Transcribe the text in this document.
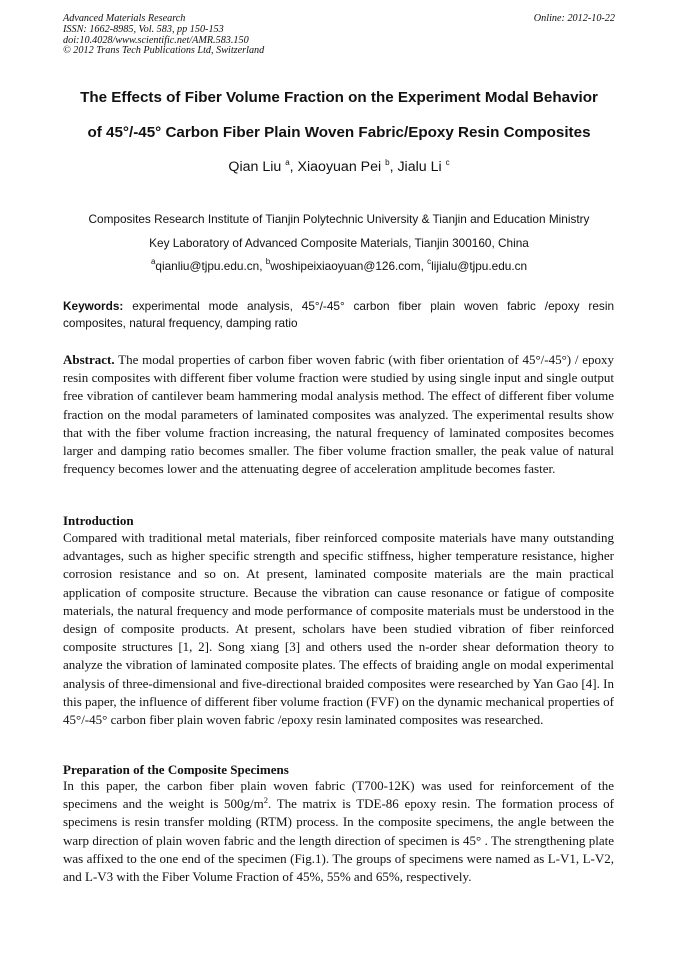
Advanced Materials Research
ISSN: 1662-8985, Vol. 583, pp 150-153
doi:10.4028/www.scientific.net/AMR.583.150
© 2012 Trans Tech Publications Ltd, Switzerland
Online: 2012-10-22
The Effects of Fiber Volume Fraction on the Experiment Modal Behavior
of 45°/-45° Carbon Fiber Plain Woven Fabric/Epoxy Resin Composites
Qian Liu $^a$, Xiaoyuan Pei $^b$, Jialu Li $^c$
Composites Research Institute of Tianjin Polytechnic University & Tianjin and Education Ministry
Key Laboratory of Advanced Composite Materials, Tianjin 300160, China
$^a$qianliu@tjpu.edu.cn, $^b$woshipeixiaoyuan@126.com, $^c$lijialu@tjpu.edu.cn
Keywords: experimental mode analysis, 45°/-45° carbon fiber plain woven fabric /epoxy resin composites, natural frequency, damping ratio
Abstract. The modal properties of carbon fiber woven fabric (with fiber orientation of 45°/-45°) / epoxy resin composites with different fiber volume fraction were studied by using single input and single output free vibration of cantilever beam hammering modal analysis method. The effect of different fiber volume fraction on the modal parameters of laminated composites was analyzed. The experimental results show that with the fiber volume fraction increasing, the natural frequency of laminated composites becomes larger and damping ratio becomes smaller. The fiber volume fraction smaller, the peak value of natural frequency becomes lower and the attenuating degree of acceleration amplitude becomes faster.
Introduction
Compared with traditional metal materials, fiber reinforced composite materials have many outstanding advantages, such as higher specific strength and specific stiffness, higher temperature resistance, higher corrosion resistance and so on. At present, laminated composite materials are the main practical application of composite structure. Because the vibration can cause resonance or fatigue of composite materials, the natural frequency and mode performance of composite materials must be understood in the design of composite products. At present, scholars have been studied vibration of fiber reinforced composite structures [1, 2]. Song xiang [3] and others used the n-order shear deformation theory to analyze the vibration of laminated composite plates. The effects of braiding angle on modal experimental analysis of three-dimensional and five-directional braided composites were researched by Yan Gao [4]. In this paper, the influence of different fiber volume fraction (FVF) on the dynamic mechanical properties of 45°/-45° carbon fiber plain woven fabric /epoxy resin laminated composites was researched.
Preparation of the Composite Specimens
In this paper, the carbon fiber plain woven fabric (T700-12K) was used for reinforcement of the specimens and the weight is $500g/m^2$. The matrix is TDE-86 epoxy resin. The formation process of specimens is resin transfer molding (RTM) process. In the composite specimens, the angle between the warp direction of plain woven fabric and the length direction of specimen is 45° . The strengthening plate was affixed to the one end of the specimen (Fig.1). The groups of specimens were named as L-V1, L-V2, and L-V3 with the Fiber Volume Fraction of 45%, 55% and 65%, respectively.
